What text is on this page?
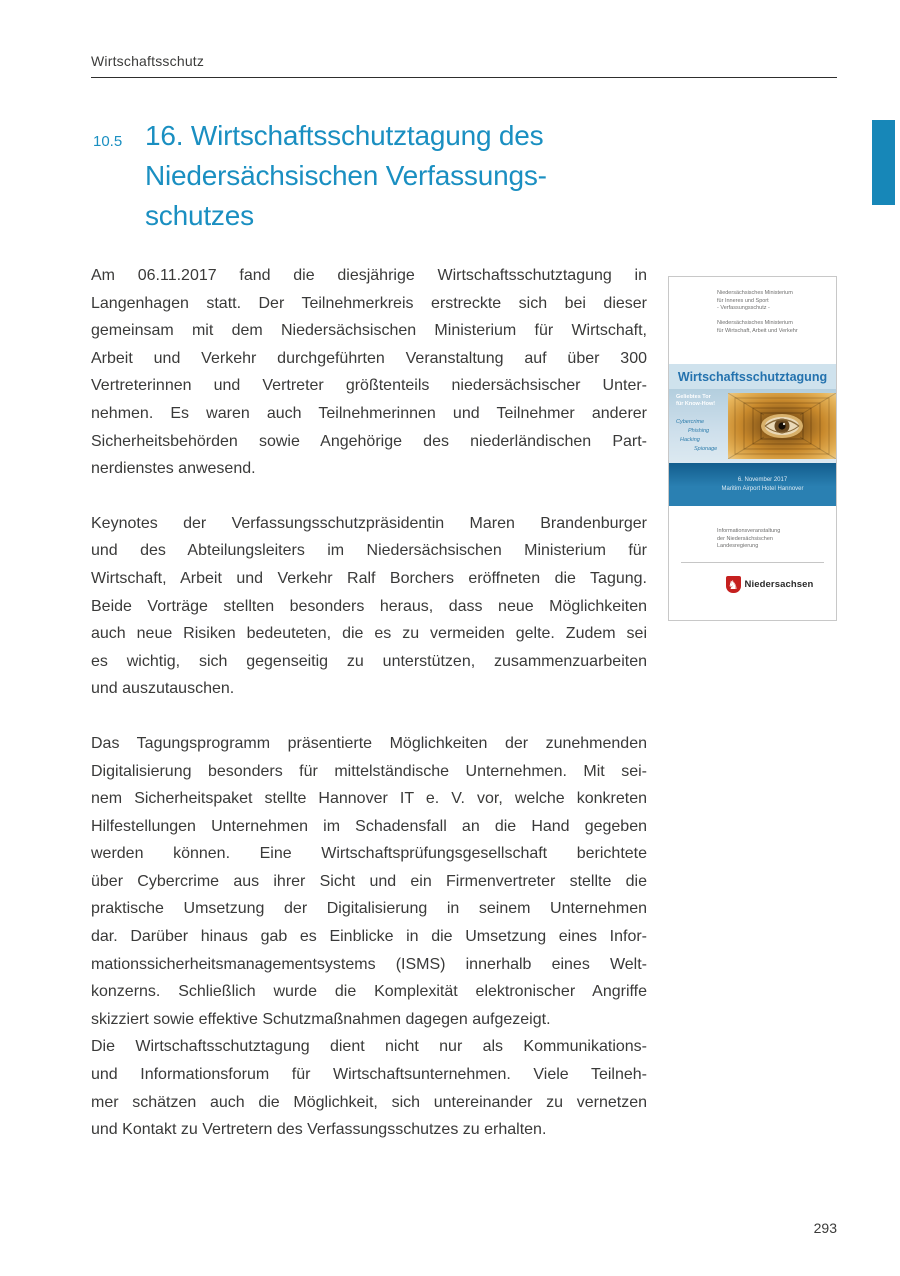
Wirtschaftsschutz
10.5 16. Wirtschaftsschutztagung des
Niedersächsischen Verfassungs-
schutzes
Am 06.11.2017 fand die diesjährige Wirtschaftsschutztagung in
Langenhagen statt. Der Teilnehmerkreis erstreckte sich bei dieser
gemeinsam mit dem Niedersächsischen Ministerium für Wirtschaft,
Arbeit und Verkehr durchgeführten Veranstaltung auf über 300
Vertreterinnen und Vertreter größtenteils niedersächsischer Unter-
nehmen. Es waren auch Teilnehmerinnen und Teilnehmer anderer
Sicherheitsbehörden sowie Angehörige des niederländischen Part-
nerdienstes anwesend.
Keynotes der Verfassungsschutzpräsidentin Maren Brandenburger
und des Abteilungsleiters im Niedersächsischen Ministerium für
Wirtschaft, Arbeit und Verkehr Ralf Borchers eröffneten die Tagung.
Beide Vorträge stellten besonders heraus, dass neue Möglichkeiten
auch neue Risiken bedeuteten, die es zu vermeiden gelte. Zudem sei
es wichtig, sich gegenseitig zu unterstützen, zusammenzuarbeiten
und auszutauschen.
Das Tagungsprogramm präsentierte Möglichkeiten der zunehmenden
Digitalisierung besonders für mittelständische Unternehmen. Mit sei-
nem Sicherheitspaket stellte Hannover IT e. V. vor, welche konkreten
Hilfestellungen Unternehmen im Schadensfall an die Hand gegeben
werden können. Eine Wirtschaftsprüfungsgesellschaft berichtete
über Cybercrime aus ihrer Sicht und ein Firmenvertreter stellte die
praktische Umsetzung der Digitalisierung in seinem Unternehmen
dar. Darüber hinaus gab es Einblicke in die Umsetzung eines Infor-
mationssicherheitsmanagementsystems (ISMS) innerhalb eines Welt-
konzerns. Schließlich wurde die Komplexität elektronischer Angriffe
skizziert sowie effektive Schutzmaßnahmen dagegen aufgezeigt.
Die Wirtschaftsschutztagung dient nicht nur als Kommunikations-
und Informationsforum für Wirtschaftsunternehmen. Viele Teilneh-
mer schätzen auch die Möglichkeit, sich untereinander zu vernetzen
und Kontakt zu Vertretern des Verfassungsschutzes zu erhalten.
Niedersächsisches Ministerium
für Inneres und Sport
- Verfassungsschutz -
Niedersächsisches Ministerium
für Wirtschaft, Arbeit und Verkehr
Wirtschaftsschutztagung
Geliebtes Tor
für Know-How!
Cybercrime
Phishing
Hacking
Spionage
6. November 2017
Maritim Airport Hotel Hannover
Informationsveranstaltung
der Niedersächsischen
Landesregierung
♞ Niedersachsen
293
